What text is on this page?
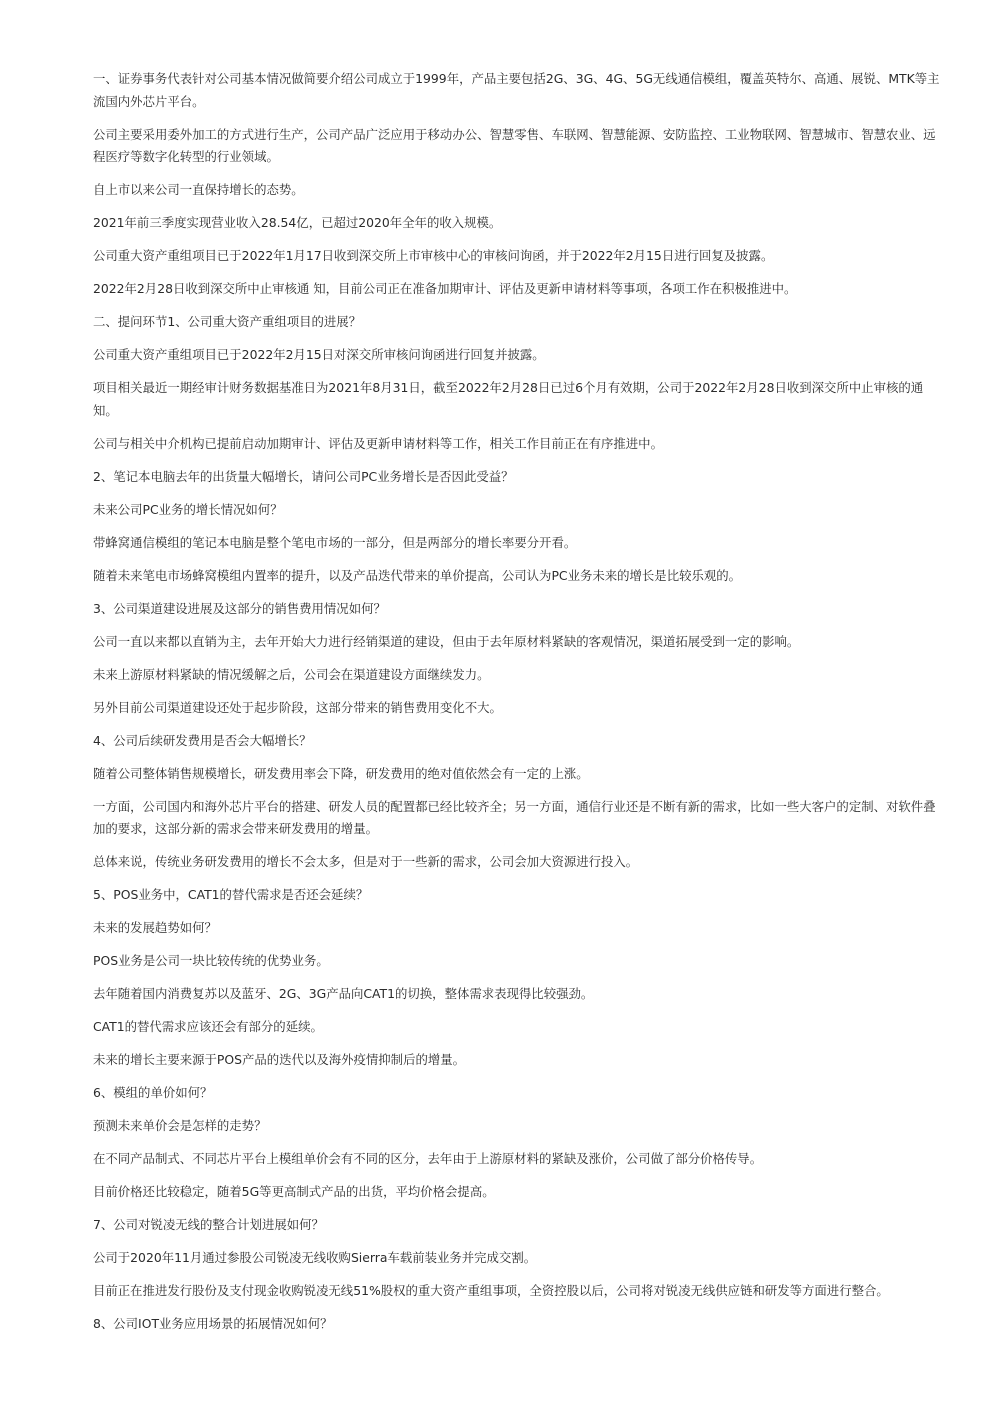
一、证券事务代表针对公司基本情况做简要介绍公司成立于1999年，产品主要包括2G、3G、4G、5G无线通信模组，覆盖英特尔、高通、展锐、MTK等主流国内外芯片平台。

公司主要采用委外加工的方式进行生产，公司产品广泛应用于移动办公、智慧零售、车联网、智慧能源、安防监控、工业物联网、智慧城市、智慧农业、远程医疗等数字化转型的行业领域。

自上市以来公司一直保持增长的态势。

2021年前三季度实现营业收入28.54亿，已超过2020年全年的收入规模。

公司重大资产重组项目已于2022年1月17日收到深交所上市审核中心的审核问询函，并于2022年2月15日进行回复及披露。

2022年2月28日收到深交所中止审核通 知，目前公司正在准备加期审计、评估及更新申请材料等事项，各项工作在积极推进中。

二、提问环节1、公司重大资产重组项目的进展？

公司重大资产重组项目已于2022年2月15日对深交所审核问询函进行回复并披露。

项目相关最近一期经审计财务数据基准日为2021年8月31日，截至2022年2月28日已过6个月有效期，公司于2022年2月28日收到深交所中止审核的通知。

公司与相关中介机构已提前启动加期审计、评估及更新申请材料等工作，相关工作目前正在有序推进中。

2、笔记本电脑去年的出货量大幅增长，请问公司PC业务增长是否因此受益？

未来公司PC业务的增长情况如何？

带蜂窝通信模组的笔记本电脑是整个笔电市场的一部分，但是两部分的增长率要分开看。

随着未来笔电市场蜂窝模组内置率的提升，以及产品迭代带来的单价提高，公司认为PC业务未来的增长是比较乐观的。

3、公司渠道建设进展及这部分的销售费用情况如何？

公司一直以来都以直销为主，去年开始大力进行经销渠道的建设，但由于去年原材料紧缺的客观情况，渠道拓展受到一定的影响。

未来上游原材料紧缺的情况缓解之后，公司会在渠道建设方面继续发力。

另外目前公司渠道建设还处于起步阶段，这部分带来的销售费用变化不大。

4、公司后续研发费用是否会大幅增长？

随着公司整体销售规模增长，研发费用率会下降，研发费用的绝对值依然会有一定的上涨。

一方面，公司国内和海外芯片平台的搭建、研发人员的配置都已经比较齐全；另一方面，通信行业还是不断有新的需求，比如一些大客户的定制、对软件叠加的要求，这部分新的需求会带来研发费用的增量。

总体来说，传统业务研发费用的增长不会太多，但是对于一些新的需求，公司会加大资源进行投入。

5、POS业务中，CAT1的替代需求是否还会延续？

未来的发展趋势如何？

POS业务是公司一块比较传统的优势业务。

去年随着国内消费复苏以及蓝牙、2G、3G产品向CAT1的切换，整体需求表现得比较强劲。

CAT1的替代需求应该还会有部分的延续。

未来的增长主要来源于POS产品的迭代以及海外疫情抑制后的增量。

6、模组的单价如何？

预测未来单价会是怎样的走势？

在不同产品制式、不同芯片平台上模组单价会有不同的区分，去年由于上游原材料的紧缺及涨价，公司做了部分价格传导。

目前价格还比较稳定，随着5G等更高制式产品的出货，平均价格会提高。

7、公司对锐凌无线的整合计划进展如何？

公司于2020年11月通过参股公司锐凌无线收购Sierra车载前装业务并完成交割。

目前正在推进发行股份及支付现金收购锐凌无线51%股权的重大资产重组事项，全资控股以后，公司将对锐凌无线供应链和研发等方面进行整合。

8、公司IOT业务应用场景的拓展情况如何？
